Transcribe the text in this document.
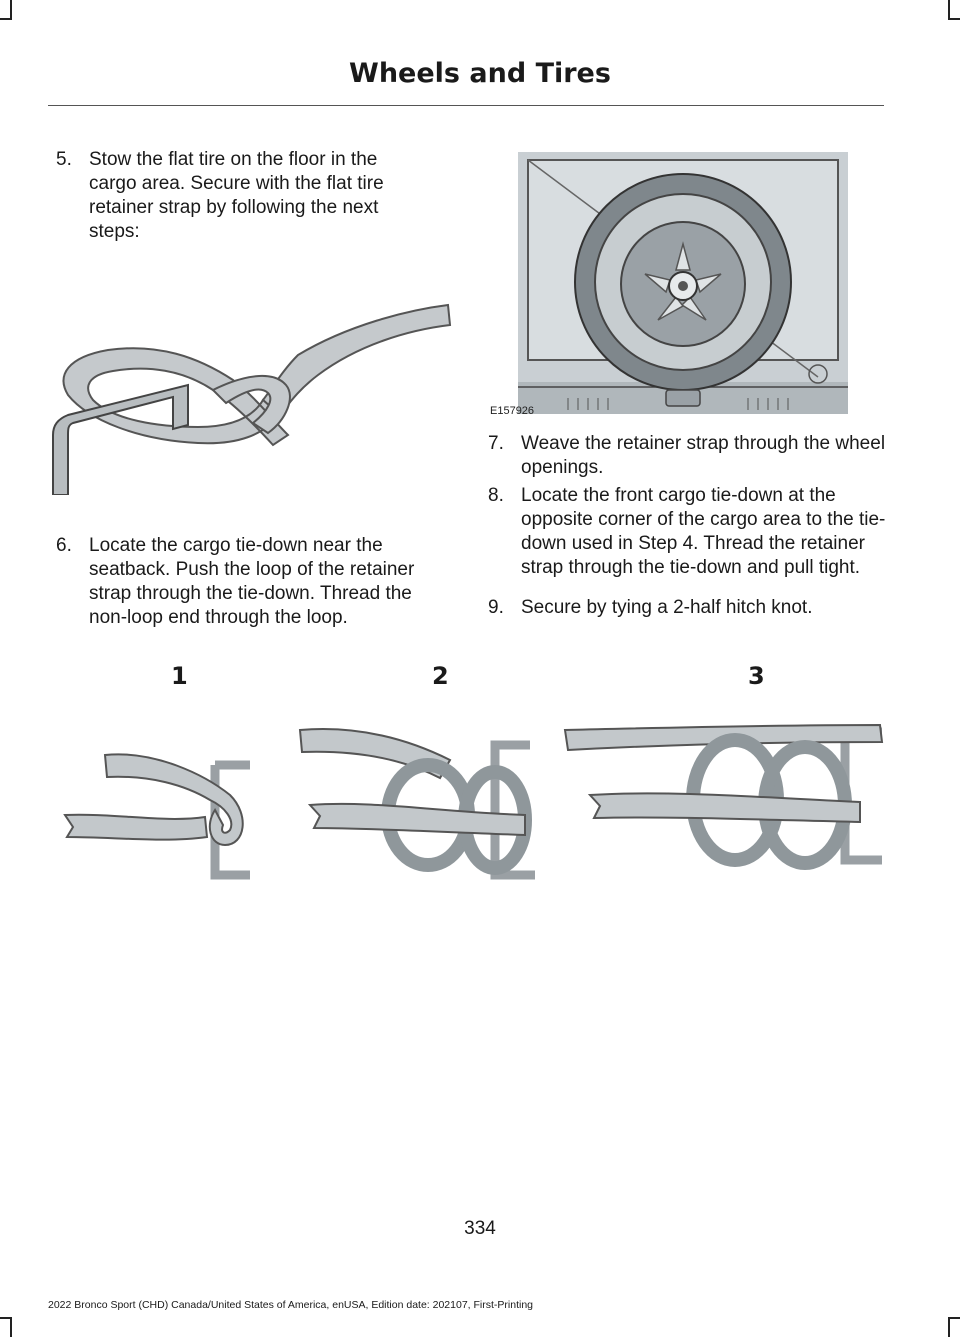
Wheels and Tires
5. Stow the flat tire on the floor in the cargo area. Secure with the flat tire retainer strap by following the next steps:
6. Locate the cargo tie-down near the seatback. Push the loop of the retainer strap through the tie-down. Thread the non-loop end through the loop.
E157926
7. Weave the retainer strap through the wheel openings.
8. Locate the front cargo tie-down at the opposite corner of the cargo area to the tie-down used in Step 4. Thread the retainer strap through the tie-down and pull tight.
9. Secure by tying a 2-half hitch knot.
1	2	3
334
2022 Bronco Sport (CHD) Canada/United States of America, enUSA, Edition date: 202107, First-Printing
